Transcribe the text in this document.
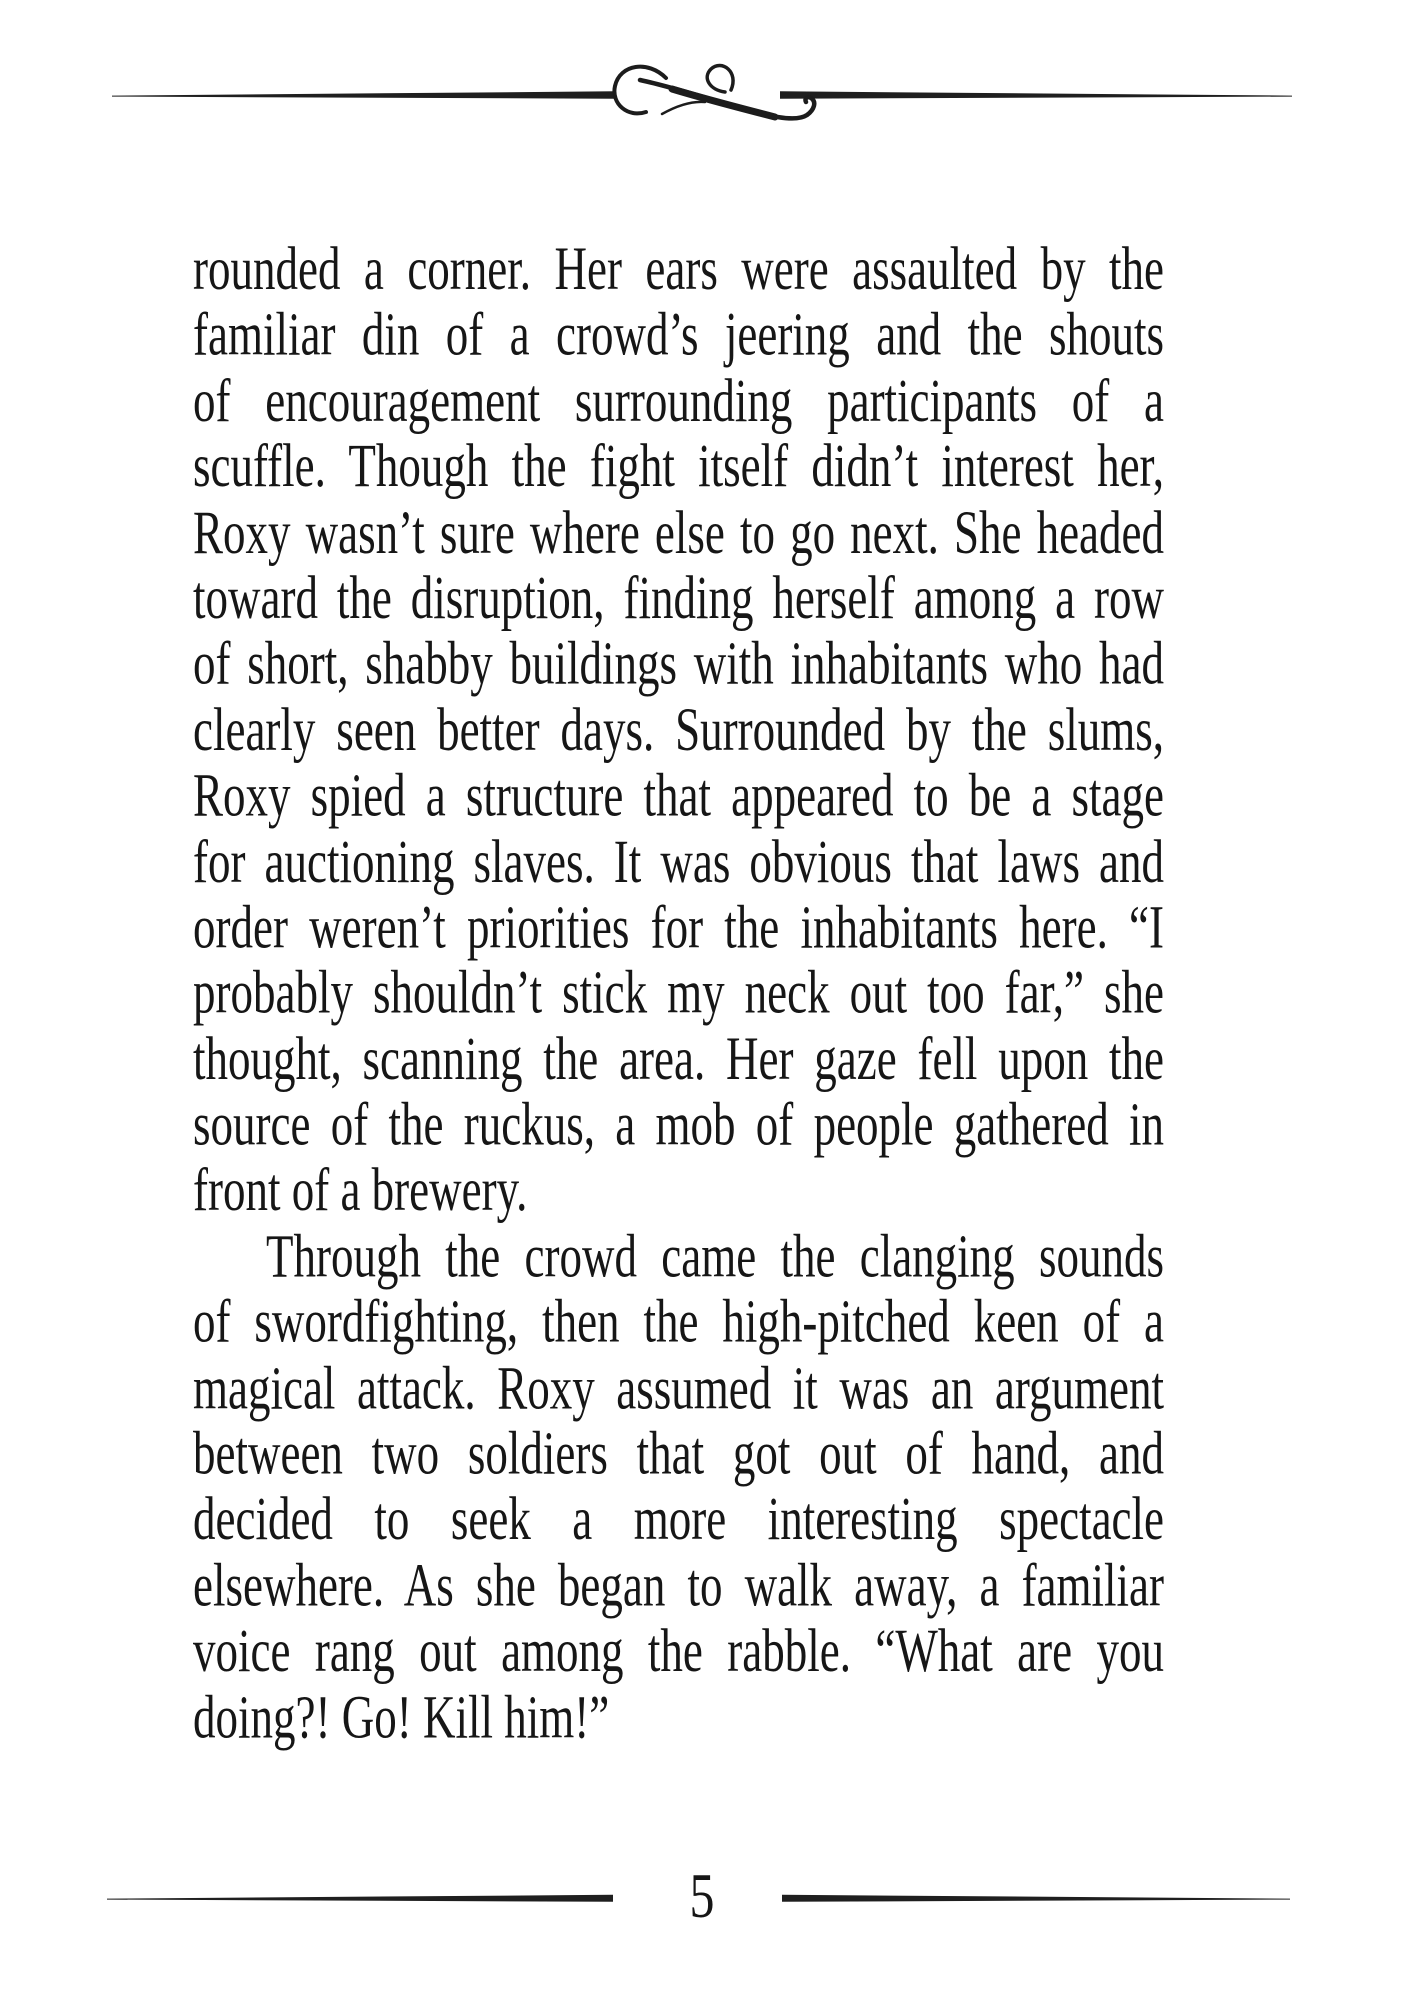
rounded a corner. Her ears were assaulted by the
familiar din of a crowd’s jeering and the shouts
of encouragement surrounding participants of a
scuffle. Though the fight itself didn’t interest her,
Roxy wasn’t sure where else to go next. She headed
toward the disruption, finding herself among a row
of short, shabby buildings with inhabitants who had
clearly seen better days. Surrounded by the slums,
Roxy spied a structure that appeared to be a stage
for auctioning slaves. It was obvious that laws and
order weren’t priorities for the inhabitants here. “I
probably shouldn’t stick my neck out too far,” she
thought, scanning the area. Her gaze fell upon the
source of the ruckus, a mob of people gathered in
front of a brewery.
Through the crowd came the clanging sounds
of swordfighting, then the high-pitched keen of a
magical attack. Roxy assumed it was an argument
between two soldiers that got out of hand, and
decided to seek a more interesting spectacle
elsewhere. As she began to walk away, a familiar
voice rang out among the rabble. “What are you
doing?! Go! Kill him!”
5
